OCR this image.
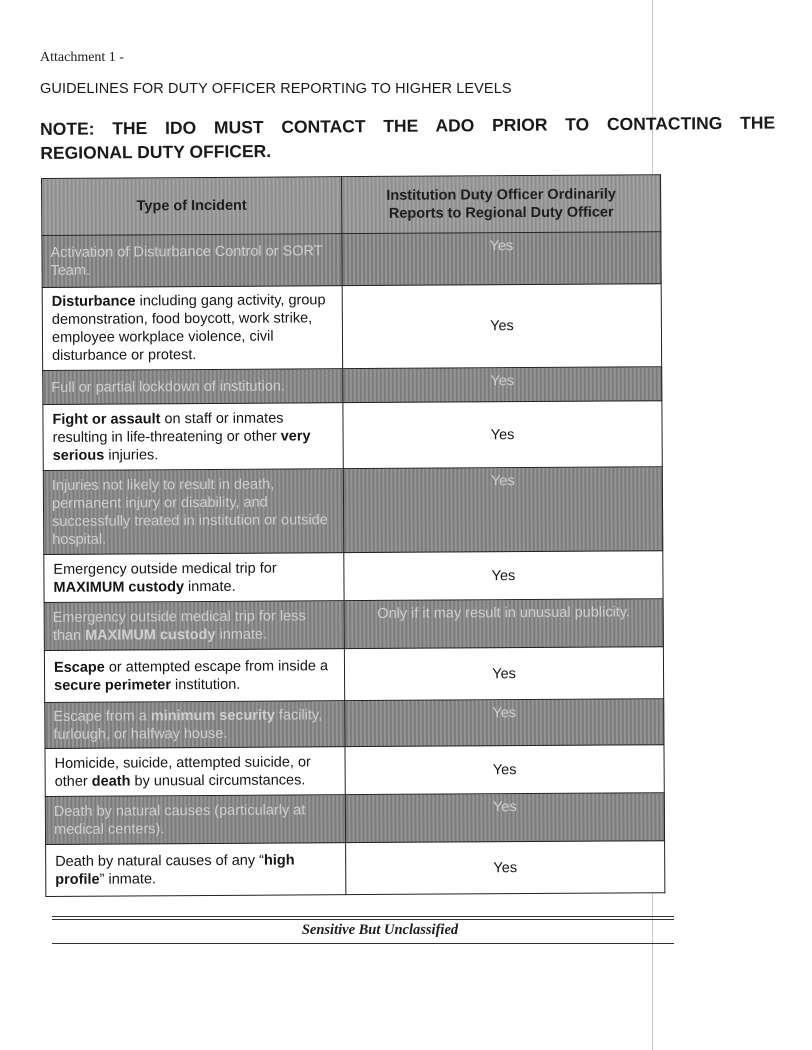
Attachment 1 -
GUIDELINES FOR DUTY OFFICER REPORTING TO HIGHER LEVELS
NOTE: THE IDO MUST CONTACT THE ADO PRIOR TO CONTACTING THE
REGIONAL DUTY OFFICER.
Type of Incident	Institution Duty Officer Ordinarily
Reports to Regional Duty Officer
Activation of Disturbance Control or SORT Team.	Yes
Disturbance including gang activity, group demonstration, food boycott, work strike, employee workplace violence, civil disturbance or protest.	Yes
Full or partial lockdown of institution.	Yes
Fight or assault on staff or inmates resulting in life-threatening or other very serious injuries.	Yes
Injuries not likely to result in death, permanent injury or disability, and successfully treated in institution or outside hospital.	Yes
Emergency outside medical trip for MAXIMUM custody inmate.	Yes
Emergency outside medical trip for less than MAXIMUM custody inmate.	Only if it may result in unusual publicity.
Escape or attempted escape from inside a secure perimeter institution.	Yes
Escape from a minimum security facility, furlough, or halfway house.	Yes
Homicide, suicide, attempted suicide, or other death by unusual circumstances.	Yes
Death by natural causes (particularly at medical centers).	Yes
Death by natural causes of any “high profile” inmate.	Yes
Sensitive But Unclassified
